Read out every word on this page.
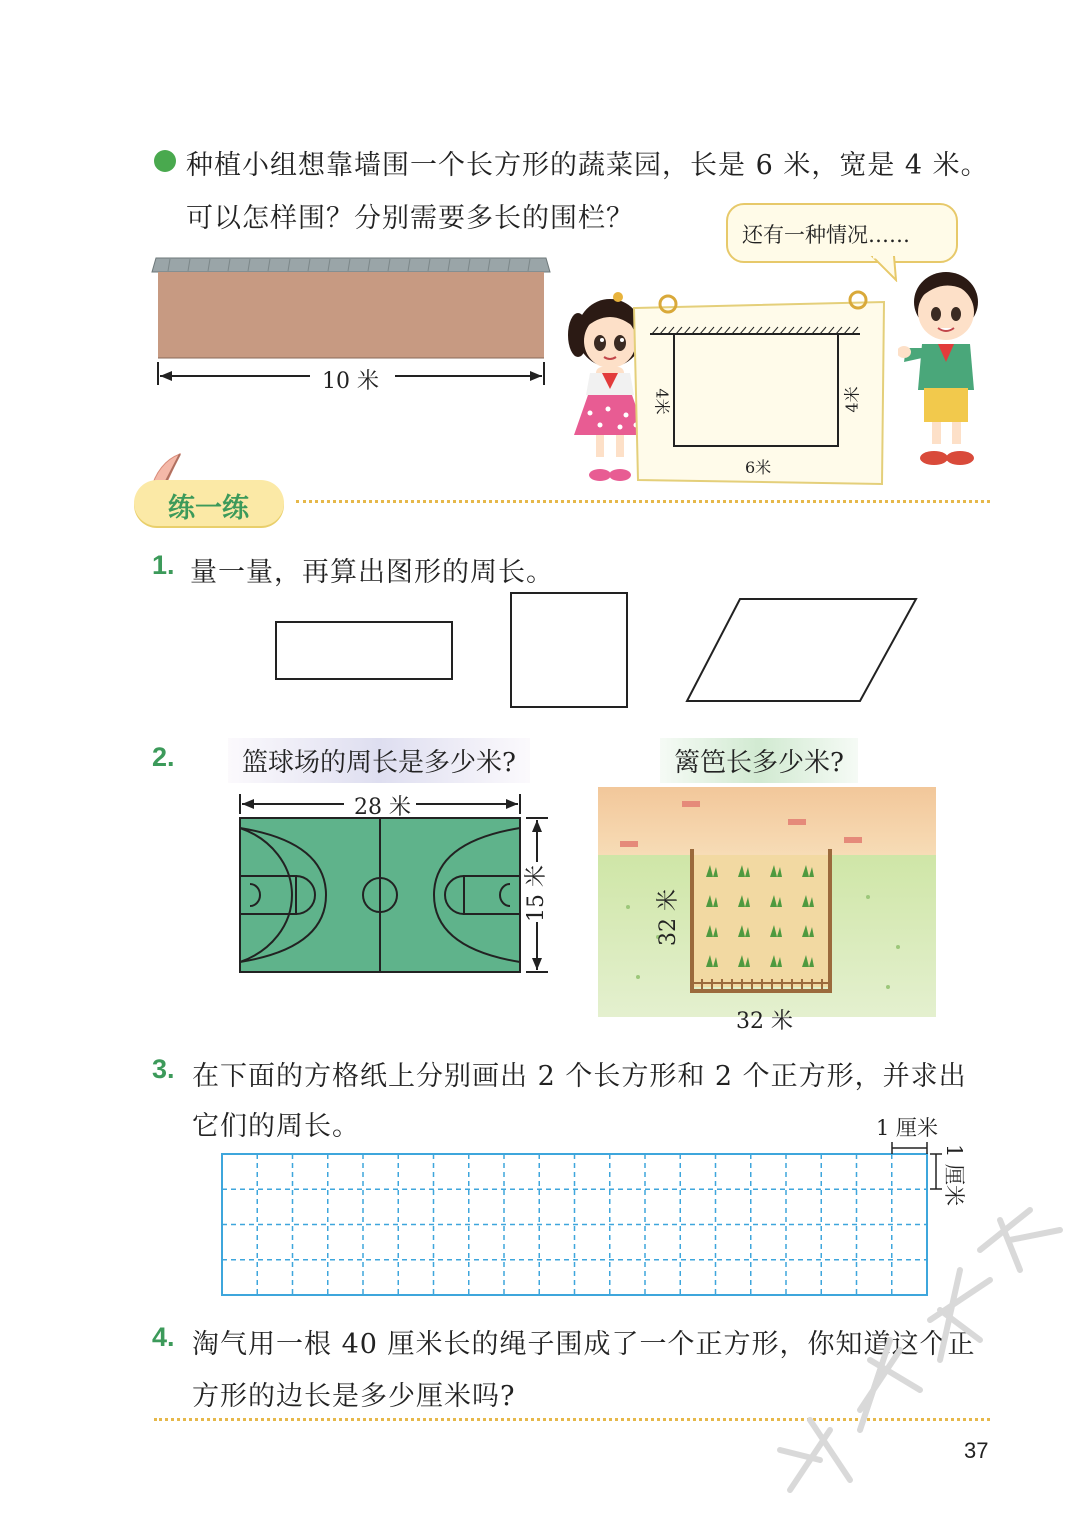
种植小组想靠墙围一个长方形的蔬菜园，长是 6 米，宽是 4 米。
可以怎样围？分别需要多长的围栏？
10 米
4米	4米
6米
还有一种情况……
练一练
1. 量一量，再算出图形的周长。
2.	篮球场的周长是多少米?	篱笆长多少米?
28 米
15 米	32 米
32 米
3. 在下面的方格纸上分别画出 2 个长方形和 2 个正方形，并求出
它们的周长。	1 厘米
1 厘米
4. 淘气用一根 40 厘米长的绳子围成了一个正方形，你知道这个正
方形的边长是多少厘米吗?
37
